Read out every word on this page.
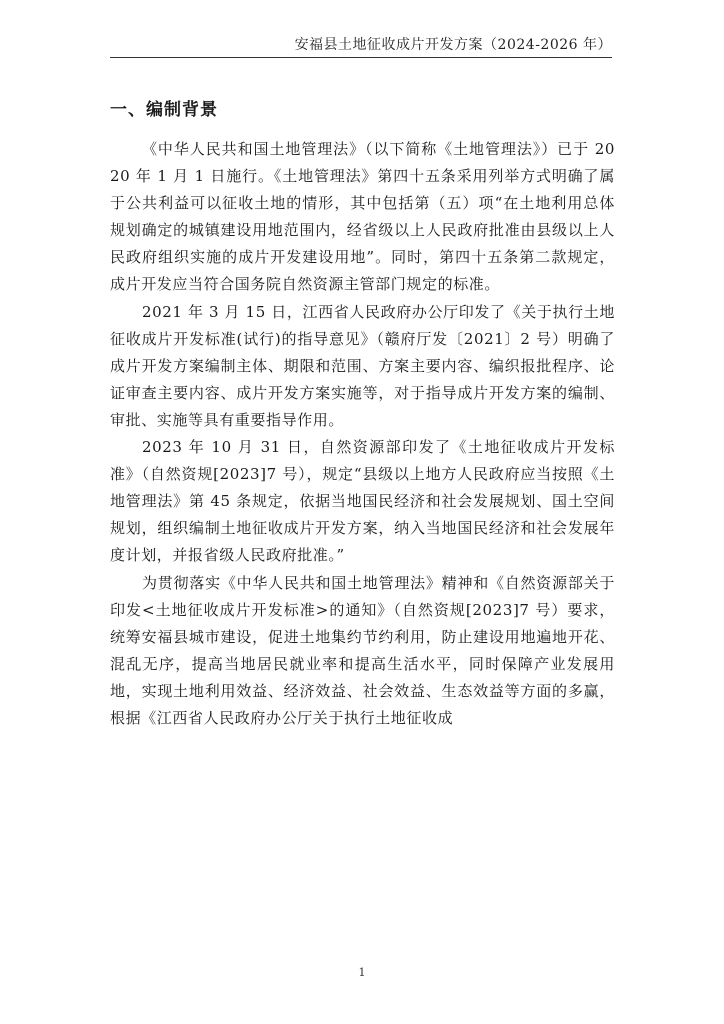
安福县土地征收成片开发方案（2024-2026 年）
一、编制背景

《中华人民共和国土地管理法》（以下简称《土地管理法》）已于 2020 年 1 月 1 日施行。《土地管理法》第四十五条采用列举方式明确了属于公共利益可以征收土地的情形，其中包括第（五）项“在土地利用总体规划确定的城镇建设用地范围内，经省级以上人民政府批准由县级以上人民政府组织实施的成片开发建设用地”。同时，第四十五条第二款规定，成片开发应当符合国务院自然资源主管部门规定的标准。

2021 年 3 月 15 日，江西省人民政府办公厅印发了《关于执行土地征收成片开发标准(试行)的指导意见》（赣府厅发〔2021〕2 号）明确了成片开发方案编制主体、期限和范围、方案主要内容、编织报批程序、论证审查主要内容、成片开发方案实施等，对于指导成片开发方案的编制、审批、实施等具有重要指导作用。

2023 年 10 月 31 日，自然资源部印发了《土地征收成片开发标准》（自然资规[2023]7 号），规定“县级以上地方人民政府应当按照《土地管理法》第 45 条规定，依据当地国民经济和社会发展规划、国土空间规划，组织编制土地征收成片开发方案，纳入当地国民经济和社会发展年度计划，并报省级人民政府批准。”

为贯彻落实《中华人民共和国土地管理法》精神和《自然资源部关于印发<土地征收成片开发标准>的通知》（自然资规[2023]7 号）要求，统筹安福县城市建设，促进土地集约节约利用，防止建设用地遍地开花、混乱无序，提高当地居民就业率和提高生活水平，同时保障产业发展用地，实现土地利用效益、经济效益、社会效益、生态效益等方面的多赢，根据《江西省人民政府办公厅关于执行土地征收成

1
